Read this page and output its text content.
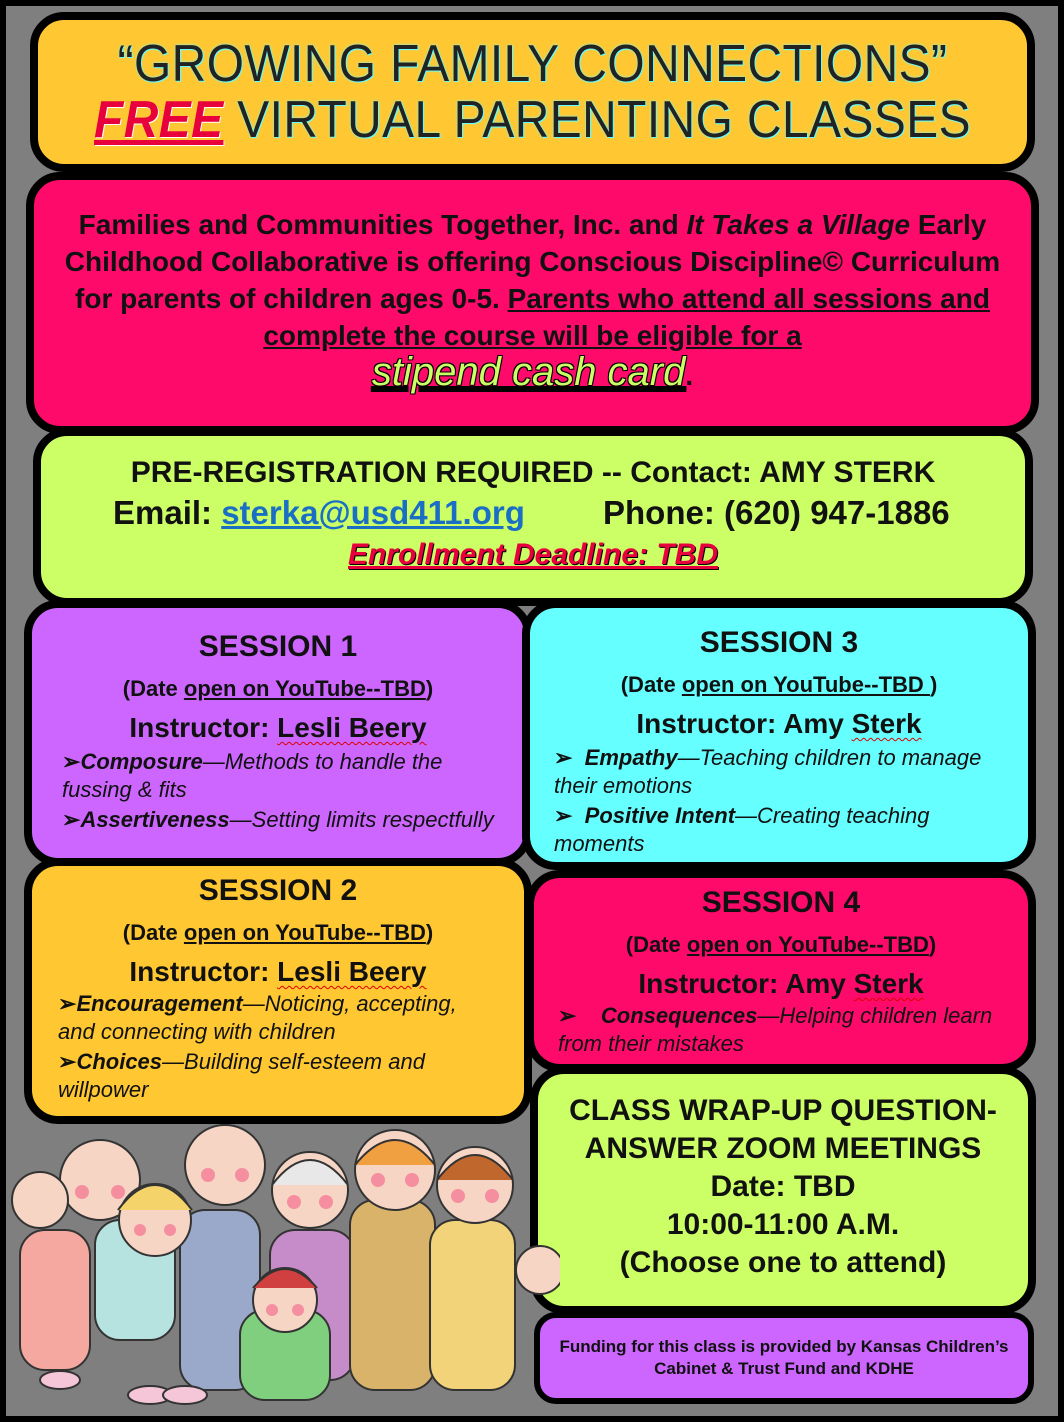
“GROWING FAMILY CONNECTIONS”
FREE VIRTUAL PARENTING CLASSES
Families and Communities Together, Inc. and It Takes a Village Early Childhood Collaborative is offering Conscious Discipline© Curriculum for parents of children ages 0-5. Parents who attend all sessions and complete the course will be eligible for a
stipend cash card.
PRE-REGISTRATION REQUIRED -- Contact: AMY STERK
Email: sterka@usd411.org Phone: (620) 947-1886
Enrollment Deadline: TBD
SESSION 1
(Date open on YouTube--TBD)
Instructor: Lesli Beery
➢Composure—Methods to handle the fussing & fits
➢Assertiveness—Setting limits respectfully
SESSION 3
(Date open on YouTube--TBD )
Instructor: Amy Sterk
➢ Empathy—Teaching children to manage their emotions
➢ Positive Intent—Creating teaching moments
SESSION 2
(Date open on YouTube--TBD)
Instructor: Lesli Beery
➢Encouragement—Noticing, accepting, and connecting with children
➢Choices—Building self-esteem and willpower
SESSION 4
(Date open on YouTube--TBD)
Instructor: Amy Sterk
➢ Consequences—Helping children learn from their mistakes
CLASS WRAP-UP QUESTION-
ANSWER ZOOM MEETINGS
Date: TBD
10:00-11:00 A.M.
(Choose one to attend)
Funding for this class is provided by Kansas Children’s
Cabinet & Trust Fund and KDHE
